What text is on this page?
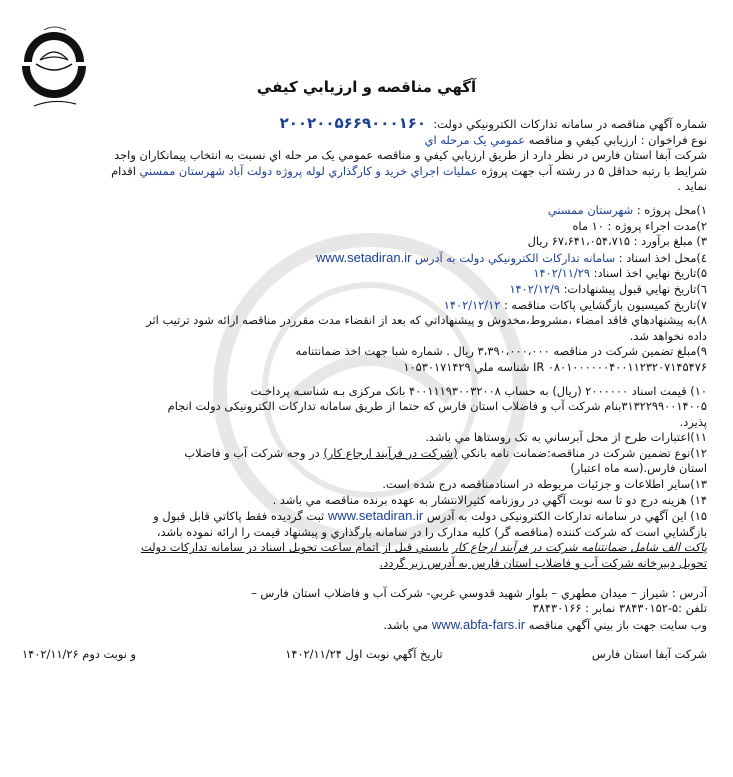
آگهي مناقصه و ارزيابي كيفي
شماره آگهي مناقصه در سامانه تداركات الكترونيكي دولت:  ۲۰۰۲۰۰۵۶۶۹۰۰۰۱۶۰
نوع فراخوان : ارزيابي كيفي و مناقصه عمومي يک مرحله اي
شركت آبفا استان فارس در نظر دارد از طريق ارزيابي كيفي و مناقصه عمومي يک مر حله اي نسبت به انتخاب پيمانكاران واجد
شرايط با رتبه حداقل ۵ در رشته آب جهت پروژه عمليات اجراي خريد و كارگذاري لوله پروژه دولت آباد شهرستان ممسني اقدام
نمايد .
۱)محل پروژه : شهرستان ممسني
۲)مدت اجراء پروژه : ۱۰ ماه
۳) مبلغ برآورد : ۶۷،۶۴۱،۰۵۴،۷۱۵ ريال
٤)محل اخذ اسناد : سامانه تداركات الكترونيكي دولت به آدرس www.setadiran.ir
۵)تاريخ نهايي اخذ اسناد: ۱۴۰۲/۱۱/۲۹
٦)تاريخ نهايي قبول پيشنهادات: ۱۴۰۲/۱۲/۹
۷)تاريخ كميسيون بازگشايي پاكات مناقصه : ۱۴۰۲/۱۲/۱۲
۸)به پيشنهادهاي فاقد امضاء ،مشروط،مخدوش و پيشنهاداتي كه بعد از انقضاء مدت مقرردر مناقصه ارائه شود ترتيب اثر
داده نخواهد شد.
۹)مبلغ تضمين شركت در مناقصه ۳،۳۹۰،۰۰۰،۰۰۰ ريال . شماره شبا جهت اخذ ضمانتنامه
IR ۰۸۰۱۰۰۰۰۰۰۴۰۰۱۱۲۳۲۰۷۱۴۵۴۷۶ شناسه ملي ۱۰۵۳۰۱۷۱۴۲۹
۱۰) قيمت اسناد ۲۰۰۰۰۰۰ (ريال) به حساب ۴۰۰۱۱۱۹۳۰۰۳۲۰۰۸ بانک مرکزی بـه شناسـه پرداخـت
۳۱۳۲۲۹۹۰۰۱۴۰۰۵بنام شركت آب و فاضلاب استان فارس كه حتما از طريق سامانه تدارکات الکترونیکی دولت انجام
پذيرد.
۱۱)اعتبارات طرح از محل آبرساني به تک روستاها مي باشد.
۱۲)نوع تضمين شركت در مناقصه:ضمانت نامه بانكي (شركت در فرآيند ارجاع كار) در وجه شركت آب و فاضلاب
استان فارس.(سه ماه اعتبار)
۱۳)ساير اطلاعات و جزئيات مربوطه در اسنادمناقصه درج شده است.
۱۴) هزينه درج دو تا سه نوبت آگهي در روزنامه كثيرالانتشار به عهده برنده مناقصه مي باشد .
۱۵) اين آگهي در سامانه تدارکات الکترونیکی دولت به آدرس www.setadiran.ir ثبت گرديده فقط پاكاتي قابل قبول و
بازگشايي است كه شركت كننده (مناقصه گر) كليه مدارک را در سامانه بارگذاري و پيشنهاد قيمت را ارائه نموده باشد،
پاكت الف شامل ضمانتنامه شركت در فرآيند ارجاع كار بايستي قبل از اتمام ساعت تحويل اسناد در سامانه تداركات دولت
تحويل دبيرخانه شركت آب و فاضلاب استان فارس به آدرس زير گردد.
آدرس : شيراز – ميدان مطهري – بلوار شهيد قدوسي غربي- شركت آب و فاضلاب استان فارس –
تلفن :۵-۳۸۴۳۰۱۵۲ نمابر : ۳۸۴۳۰۱۶۶
وب سايت جهت باز بيني آگهي مناقصه www.abfa-fars.ir مي باشد.
شركت آبفا استان فارس
تاريخ آگهي نوبت اول ۱۴۰۲/۱۱/۲۴
و نوبت دوم ۱۴۰۲/۱۱/۲۶
